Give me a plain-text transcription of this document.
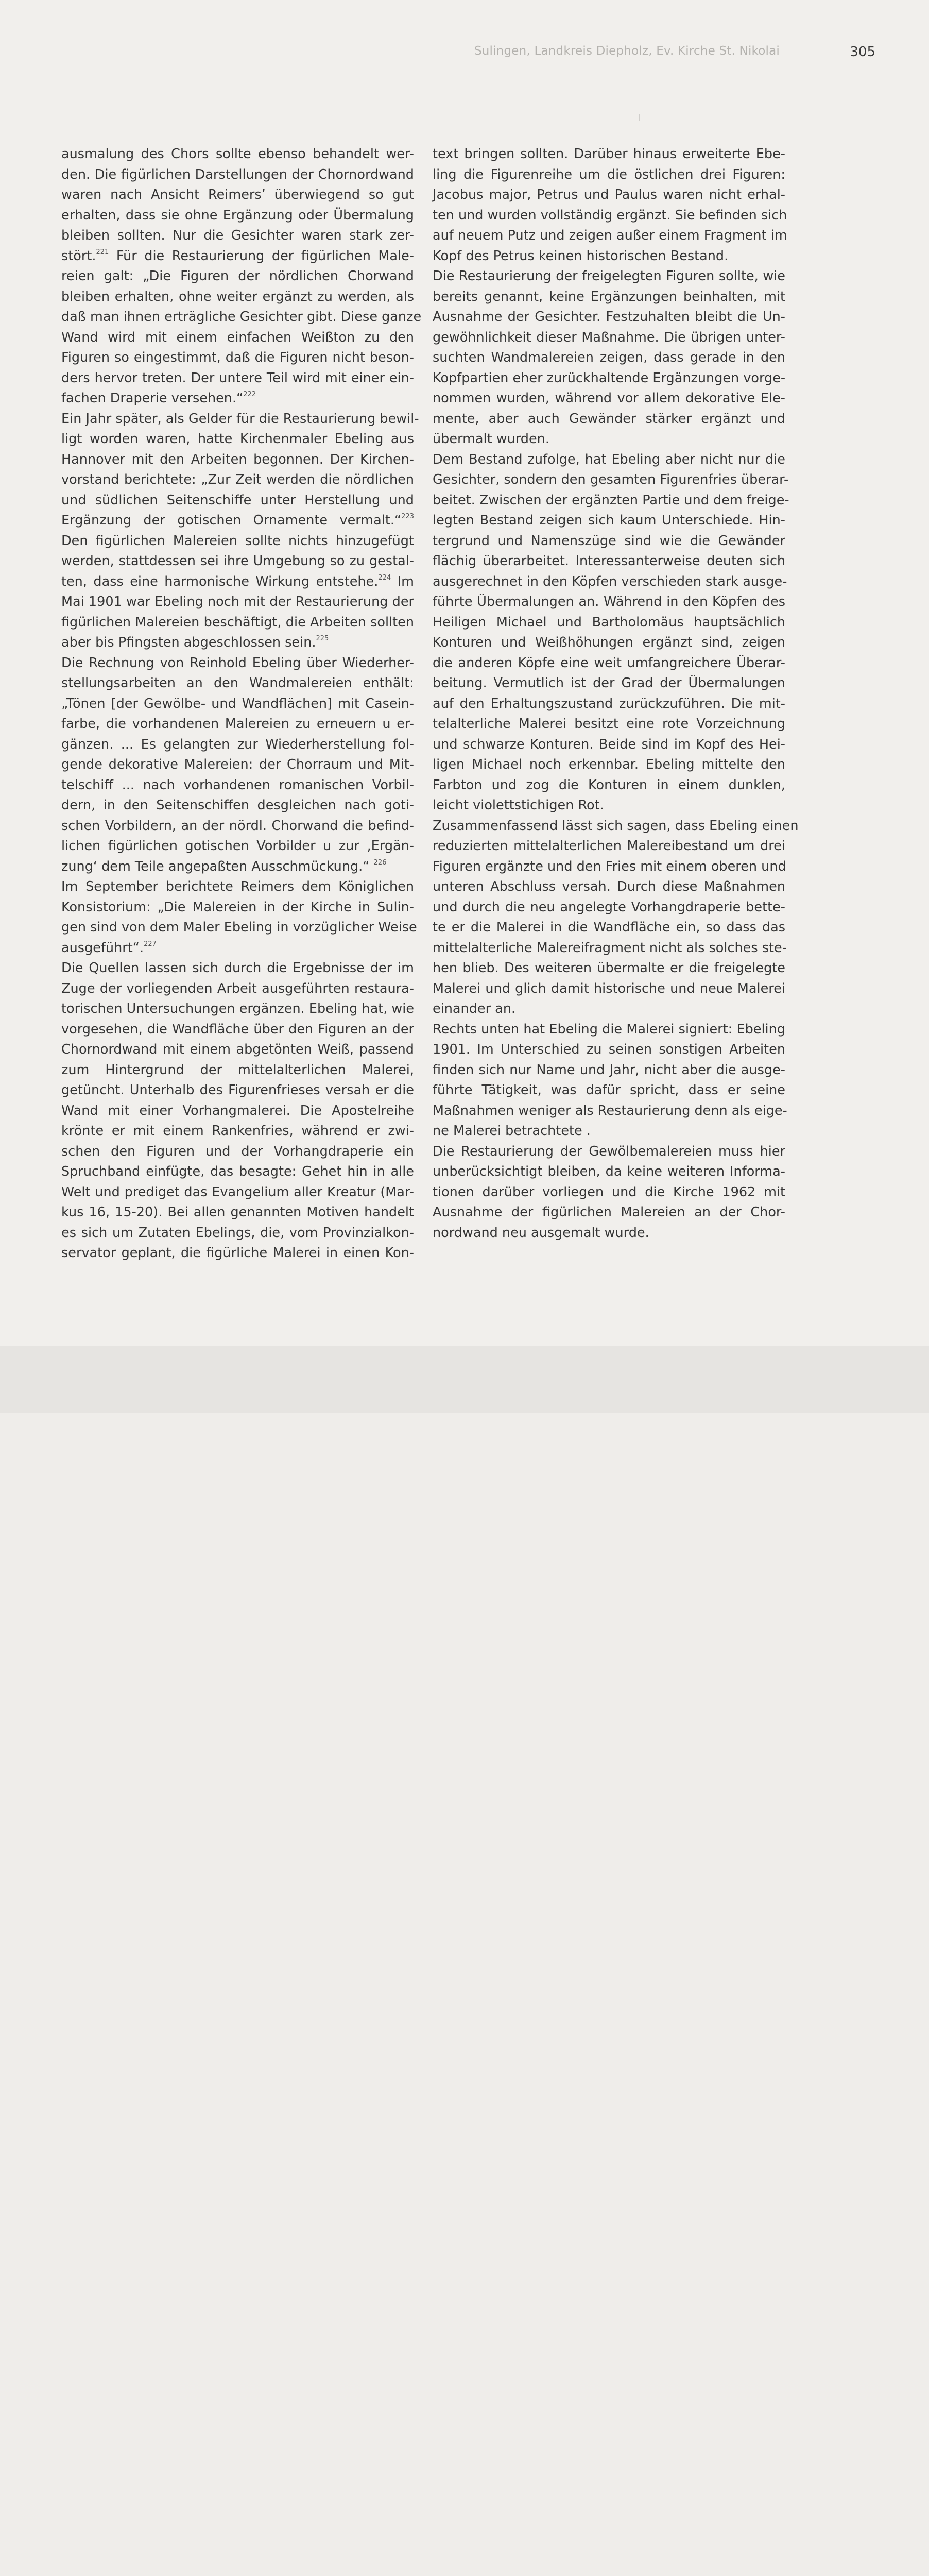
Sulingen, Landkreis Diepholz, Ev. Kirche St. Nikolai	305
ausmalung des Chors sollte ebenso behandelt wer-
den. Die figürlichen Darstellungen der Chornordwand
waren nach Ansicht Reimers’ überwiegend so gut
erhalten, dass sie ohne Ergänzung oder Übermalung
bleiben sollten. Nur die Gesichter waren stark zer-
stört.$^{221}$ Für die Restaurierung der figürlichen Male-
reien galt: „Die Figuren der nördlichen Chorwand
bleiben erhalten, ohne weiter ergänzt zu werden, als
daß man ihnen erträgliche Gesichter gibt. Diese ganze
Wand wird mit einem einfachen Weißton zu den
Figuren so eingestimmt, daß die Figuren nicht beson-
ders hervor treten. Der untere Teil wird mit einer ein-
fachen Draperie versehen.“$^{222}$
Ein Jahr später, als Gelder für die Restaurierung bewil-
ligt worden waren, hatte Kirchenmaler Ebeling aus
Hannover mit den Arbeiten begonnen. Der Kirchen-
vorstand berichtete: „Zur Zeit werden die nördlichen
und südlichen Seitenschiffe unter Herstellung und
Ergänzung der gotischen Ornamente vermalt.“$^{223}$
Den figürlichen Malereien sollte nichts hinzugefügt
werden, stattdessen sei ihre Umgebung so zu gestal-
ten, dass eine harmonische Wirkung entstehe.$^{224}$ Im
Mai 1901 war Ebeling noch mit der Restaurierung der
figürlichen Malereien beschäftigt, die Arbeiten sollten
aber bis Pfingsten abgeschlossen sein.$^{225}$
Die Rechnung von Reinhold Ebeling über Wiederher-
stellungsarbeiten an den Wandmalereien enthält:
„Tönen [der Gewölbe- und Wandflächen] mit Casein-
farbe, die vorhandenen Malereien zu erneuern u er-
gänzen. ... Es gelangten zur Wiederherstellung fol-
gende dekorative Malereien: der Chorraum und Mit-
telschiff ... nach vorhandenen romanischen Vorbil-
dern, in den Seitenschiffen desgleichen nach goti-
schen Vorbildern, an der nördl. Chorwand die befind-
lichen figürlichen gotischen Vorbilder u zur ‚Ergän-
zung‘ dem Teile angepaßten Ausschmückung.“ $^{226}$
Im September berichtete Reimers dem Königlichen
Konsistorium: „Die Malereien in der Kirche in Sulin-
gen sind von dem Maler Ebeling in vorzüglicher Weise
ausgeführt“.$^{227}$
Die Quellen lassen sich durch die Ergebnisse der im
Zuge der vorliegenden Arbeit ausgeführten restaura-
torischen Untersuchungen ergänzen. Ebeling hat, wie
vorgesehen, die Wandfläche über den Figuren an der
Chornordwand mit einem abgetönten Weiß, passend
zum Hintergrund der mittelalterlichen Malerei,
getüncht. Unterhalb des Figurenfrieses versah er die
Wand mit einer Vorhangmalerei. Die Apostelreihe
krönte er mit einem Rankenfries, während er zwi-
schen den Figuren und der Vorhangdraperie ein
Spruchband einfügte, das besagte: Gehet hin in alle
Welt und prediget das Evangelium aller Kreatur (Mar-
kus 16, 15-20). Bei allen genannten Motiven handelt
es sich um Zutaten Ebelings, die, vom Provinzialkon-
servator geplant, die figürliche Malerei in einen Kon-
text bringen sollten. Darüber hinaus erweiterte Ebe-
ling die Figurenreihe um die östlichen drei Figuren:
Jacobus major, Petrus und Paulus waren nicht erhal-
ten und wurden vollständig ergänzt. Sie befinden sich
auf neuem Putz und zeigen außer einem Fragment im
Kopf des Petrus keinen historischen Bestand.
Die Restaurierung der freigelegten Figuren sollte, wie
bereits genannt, keine Ergänzungen beinhalten, mit
Ausnahme der Gesichter. Festzuhalten bleibt die Un-
gewöhnlichkeit dieser Maßnahme. Die übrigen unter-
suchten Wandmalereien zeigen, dass gerade in den
Kopfpartien eher zurückhaltende Ergänzungen vorge-
nommen wurden, während vor allem dekorative Ele-
mente, aber auch Gewänder stärker ergänzt und
übermalt wurden.
Dem Bestand zufolge, hat Ebeling aber nicht nur die
Gesichter, sondern den gesamten Figurenfries überar-
beitet. Zwischen der ergänzten Partie und dem freige-
legten Bestand zeigen sich kaum Unterschiede. Hin-
tergrund und Namenszüge sind wie die Gewänder
flächig überarbeitet. Interessanterweise deuten sich
ausgerechnet in den Köpfen verschieden stark ausge-
führte Übermalungen an. Während in den Köpfen des
Heiligen Michael und Bartholomäus hauptsächlich
Konturen und Weißhöhungen ergänzt sind, zeigen
die anderen Köpfe eine weit umfangreichere Überar-
beitung. Vermutlich ist der Grad der Übermalungen
auf den Erhaltungszustand zurückzuführen. Die mit-
telalterliche Malerei besitzt eine rote Vorzeichnung
und schwarze Konturen. Beide sind im Kopf des Hei-
ligen Michael noch erkennbar. Ebeling mittelte den
Farbton und zog die Konturen in einem dunklen,
leicht violettstichigen Rot.
Zusammenfassend lässt sich sagen, dass Ebeling einen
reduzierten mittelalterlichen Malereibestand um drei
Figuren ergänzte und den Fries mit einem oberen und
unteren Abschluss versah. Durch diese Maßnahmen
und durch die neu angelegte Vorhangdraperie bette-
te er die Malerei in die Wandfläche ein, so dass das
mittelalterliche Malereifragment nicht als solches ste-
hen blieb. Des weiteren übermalte er die freigelegte
Malerei und glich damit historische und neue Malerei
einander an.
Rechts unten hat Ebeling die Malerei signiert: Ebeling
1901. Im Unterschied zu seinen sonstigen Arbeiten
finden sich nur Name und Jahr, nicht aber die ausge-
führte Tätigkeit, was dafür spricht, dass er seine
Maßnahmen weniger als Restaurierung denn als eige-
ne Malerei betrachtete .
Die Restaurierung der Gewölbemalereien muss hier
unberücksichtigt bleiben, da keine weiteren Informa-
tionen darüber vorliegen und die Kirche 1962 mit
Ausnahme der figürlichen Malereien an der Chor-
nordwand neu ausgemalt wurde.
